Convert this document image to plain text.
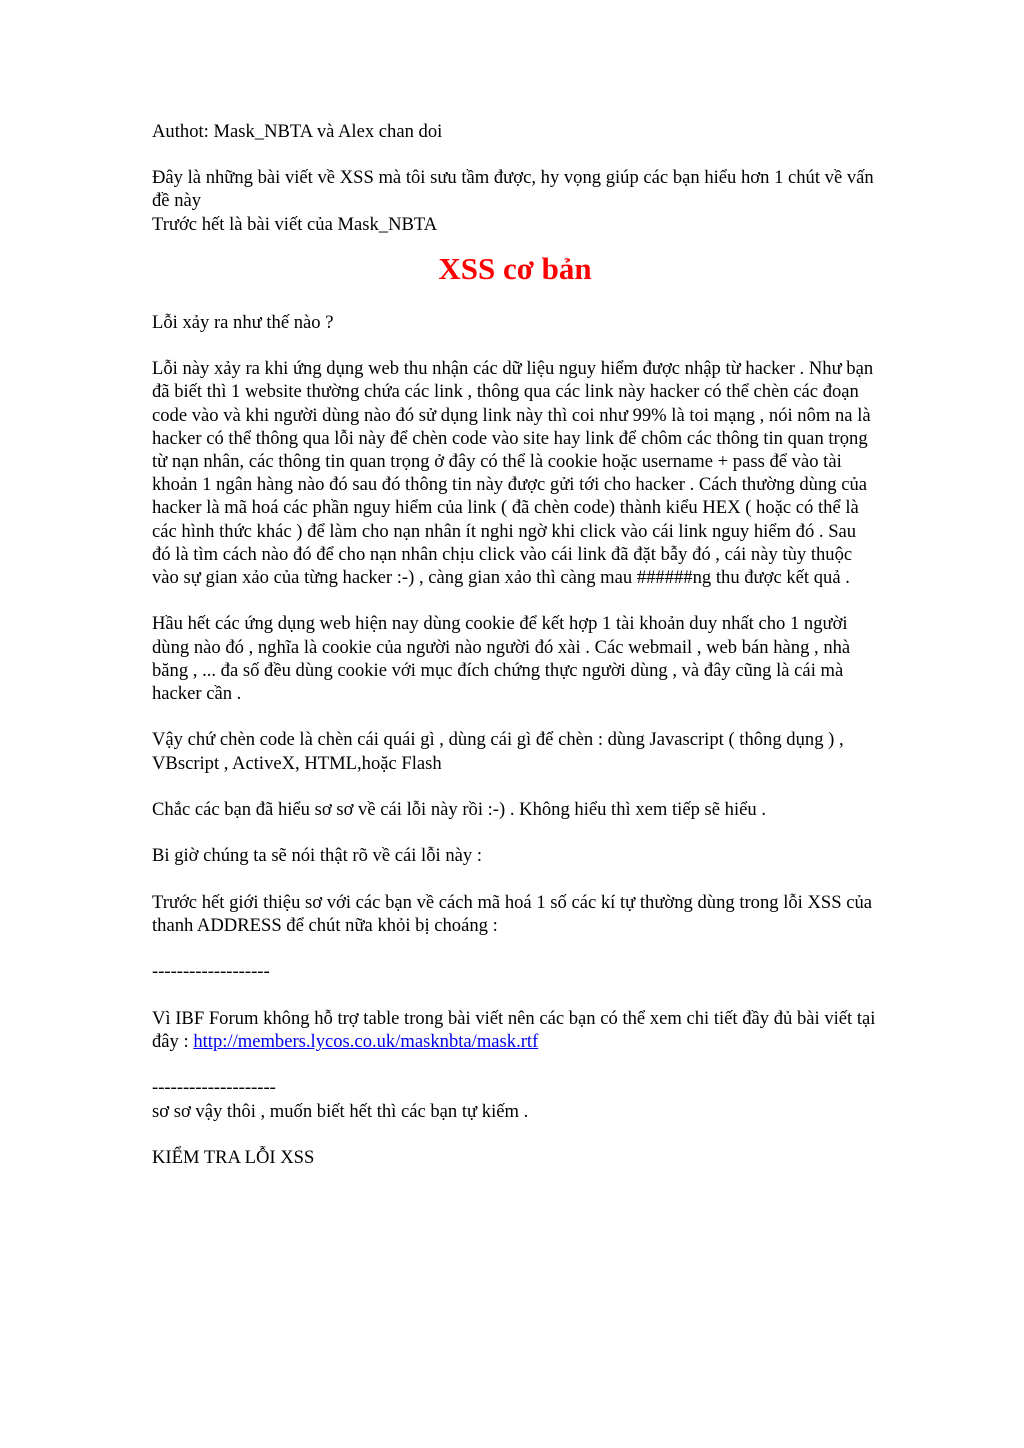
Authot: Mask_NBTA và Alex chan doi

Đây là những bài viết về XSS mà tôi sưu tầm được, hy vọng giúp các bạn hiểu hơn 1 chút về vấn đề này

Trước hết là bài viết của Mask_NBTA

XSS cơ bản

Lỗi xảy ra như thế nào ?

Lỗi này xảy ra khi ứng dụng web thu nhận các dữ liệu nguy hiểm được nhập từ hacker . Như bạn đã biết thì 1 website thường chứa các link , thông qua các link này hacker có thể chèn các đoạn code vào và khi người dùng nào đó sử dụng link này thì coi như 99% là toi mạng , nói nôm na là hacker có thể thông qua lỗi này để chèn code vào site hay link để chôm các thông tin quan trọng từ nạn nhân, các thông tin quan trọng ở đây có thể là cookie hoặc username + pass để vào tài khoản 1 ngân hàng nào đó sau đó thông tin này được gửi tới cho hacker . Cách thường dùng của hacker là mã hoá các phần nguy hiểm của link ( đã chèn code) thành kiểu HEX ( hoặc có thể là các hình thức khác ) để làm cho nạn nhân ít nghi ngờ khi click vào cái link nguy hiểm đó . Sau đó là tìm cách nào đó để cho nạn nhân chịu click vào cái link đã đặt bẫy đó , cái này tùy thuộc vào sự gian xảo của từng hacker :-) , càng gian xảo thì càng mau ######ng thu được kết quả .

Hầu hết các ứng dụng web hiện nay dùng cookie để kết hợp 1 tài khoản duy nhất cho 1 người dùng nào đó , nghĩa là cookie của người nào người đó xài . Các webmail , web bán hàng , nhà băng , ... đa số đều dùng cookie với mục đích chứng thực người dùng , và đây cũng là cái mà hacker cần .

Vậy chứ chèn code là chèn cái quái gì , dùng cái gì để chèn : dùng Javascript ( thông dụng ) , VBscript , ActiveX, HTML,hoặc Flash

Chắc các bạn đã hiểu sơ sơ về cái lỗi này rồi :-) . Không hiểu thì xem tiếp sẽ hiểu .

Bi giờ chúng ta sẽ nói thật rõ về cái lỗi này :

Trước hết giới thiệu sơ với các bạn về cách mã hoá 1 số các kí tự thường dùng trong lỗi XSS của thanh ADDRESS để chút nữa khỏi bị choáng :

-------------------

Vì IBF Forum không hỗ trợ table trong bài viết nên các bạn có thể xem chi tiết đầy đủ bài viết tại đây : http://members.lycos.co.uk/masknbta/mask.rtf

--------------------

sơ sơ vậy thôi , muốn biết hết thì các bạn tự kiếm .

KIỂM TRA LỖI XSS
